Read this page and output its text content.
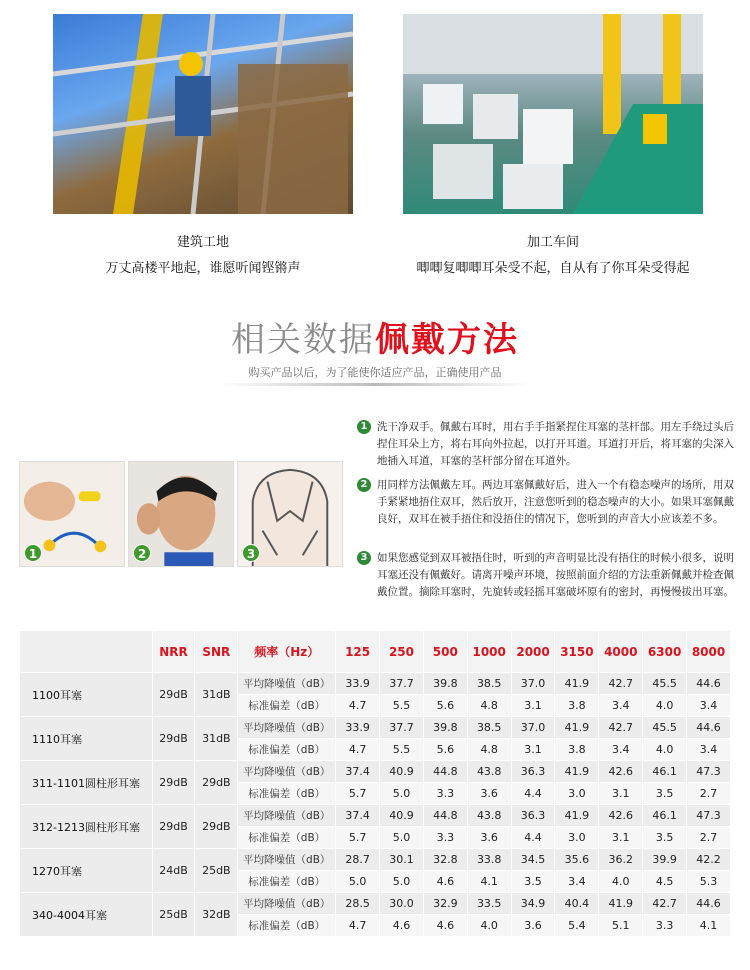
建筑工地
万丈高楼平地起，谁愿听闻铿锵声
加工车间
唧唧复唧唧耳朵受不起，自从有了你耳朵受得起
相关数据佩戴方法
购买产品以后，为了能使你适应产品，正确使用产品
1	2	3
1 洗干净双手。佩戴右耳时，用右手手指紧捏住耳塞的茎杆部。用左手绕过头后捏住耳朵上方，将右耳向外拉起，以打开耳道。耳道打开后，将耳塞的尖深入地插入耳道，耳塞的茎杆部分留在耳道外。
2 用同样方法佩戴左耳。两边耳塞佩戴好后，进入一个有稳态噪声的场所，用双手紧紧地捂住双耳，然后放开，注意您听到的稳态噪声的大小。如果耳塞佩戴良好，双耳在被手捂住和没捂住的情况下，您听到的声音大小应该差不多。
3 如果您感觉到双耳被捂住时，听到的声音明显比没有捂住的时候小很多，说明耳塞还没有佩戴好。请离开噪声环境，按照前面介绍的方法重新佩戴并检查佩戴位置。摘除耳塞时，先旋转或轻摇耳塞破坏原有的密封，再慢慢拔出耳塞。
	NRR	SNR	频率（Hz）	125	250	500	1000	2000	3150	4000	6300	8000
1100耳塞	29dB	31dB	平均降噪值（dB）	33.9	37.7	39.8	38.5	37.0	41.9	42.7	45.5	44.6
			标准偏差（dB）	4.7	5.5	5.6	4.8	3.1	3.8	3.4	4.0	3.4
1110耳塞	29dB	31dB	平均降噪值（dB）	33.9	37.7	39.8	38.5	37.0	41.9	42.7	45.5	44.6
			标准偏差（dB）	4.7	5.5	5.6	4.8	3.1	3.8	3.4	4.0	3.4
311-1101圆柱形耳塞	29dB	29dB	平均降噪值（dB）	37.4	40.9	44.8	43.8	36.3	41.9	42.6	46.1	47.3
			标准偏差（dB）	5.7	5.0	3.3	3.6	4.4	3.0	3.1	3.5	2.7
312-1213圆柱形耳塞	29dB	29dB	平均降噪值（dB）	37.4	40.9	44.8	43.8	36.3	41.9	42.6	46.1	47.3
			标准偏差（dB）	5.7	5.0	3.3	3.6	4.4	3.0	3.1	3.5	2.7
1270耳塞	24dB	25dB	平均降噪值（dB）	28.7	30.1	32.8	33.8	34.5	35.6	36.2	39.9	42.2
			标准偏差（dB）	5.0	5.0	4.6	4.1	3.5	3.4	4.0	4.5	5.3
340-4004耳塞	25dB	32dB	平均降噪值（dB）	28.5	30.0	32.9	33.5	34.9	40.4	41.9	42.7	44.6
			标准偏差（dB）	4.7	4.6	4.6	4.0	3.6	5.4	5.1	3.3	4.1
